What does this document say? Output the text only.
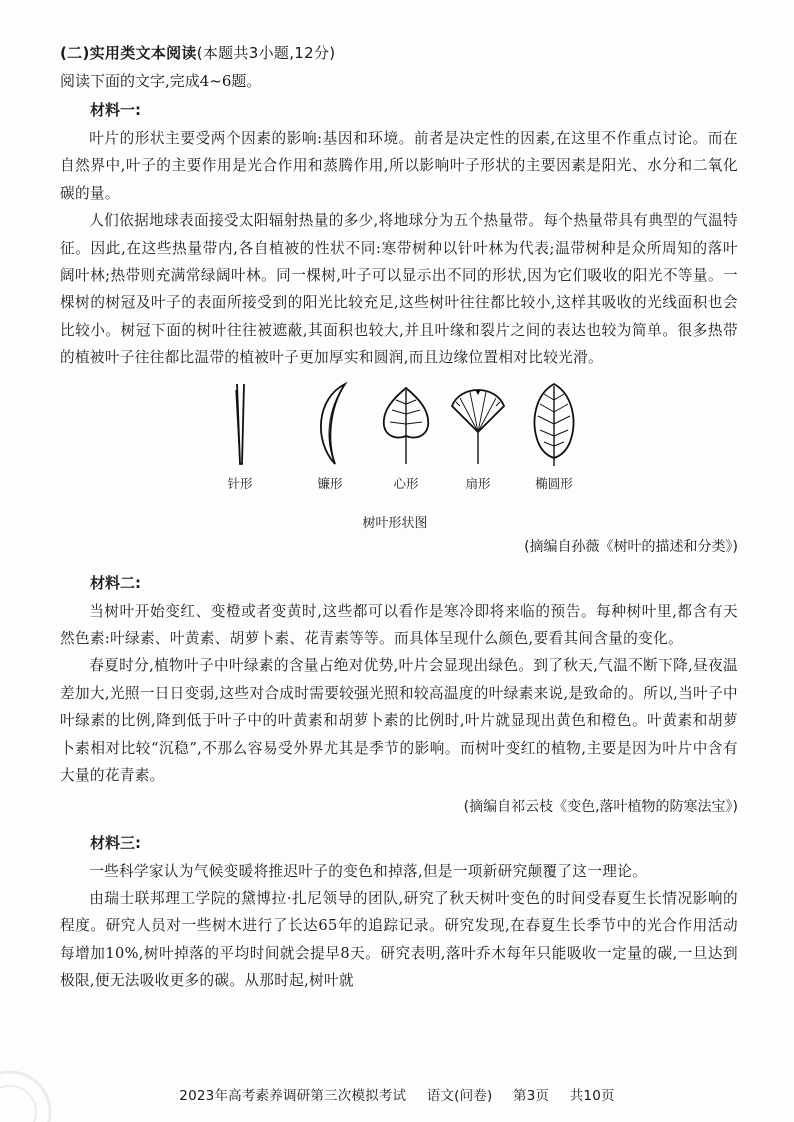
(二)实用类文本阅读(本题共3小题,12分)

阅读下面的文字,完成4~6题。

材料一:

叶片的形状主要受两个因素的影响:基因和环境。前者是决定性的因素,在这里不作重点讨论。而在自然界中,叶子的主要作用是光合作用和蒸腾作用,所以影响叶子形状的主要因素是阳光、水分和二氧化碳的量。

人们依据地球表面接受太阳辐射热量的多少,将地球分为五个热量带。每个热量带具有典型的气温特征。因此,在这些热量带内,各自植被的性状不同:寒带树种以针叶林为代表;温带树种是众所周知的落叶阔叶林;热带则充满常绿阔叶林。同一棵树,叶子可以显示出不同的形状,因为它们吸收的阳光不等量。一棵树的树冠及叶子的表面所接受到的阳光比较充足,这些树叶往往都比较小,这样其吸收的光线面积也会比较小。树冠下面的树叶往往被遮蔽,其面积也较大,并且叶缘和裂片之间的表达也较为简单。很多热带的植被叶子往往都比温带的植被叶子更加厚实和圆润,而且边缘位置相对比较光滑。

针形	镰形	心形	扇形	椭圆形
树叶形状图

(摘编自孙薇《树叶的描述和分类》)

材料二:

当树叶开始变红、变橙或者变黄时,这些都可以看作是寒冷即将来临的预告。每种树叶里,都含有天然色素:叶绿素、叶黄素、胡萝卜素、花青素等等。而具体呈现什么颜色,要看其间含量的变化。

春夏时分,植物叶子中叶绿素的含量占绝对优势,叶片会显现出绿色。到了秋天,气温不断下降,昼夜温差加大,光照一日日变弱,这些对合成时需要较强光照和较高温度的叶绿素来说,是致命的。所以,当叶子中叶绿素的比例,降到低于叶子中的叶黄素和胡萝卜素的比例时,叶片就显现出黄色和橙色。叶黄素和胡萝卜素相对比较“沉稳”,不那么容易受外界尤其是季节的影响。而树叶变红的植物,主要是因为叶片中含有大量的花青素。

(摘编自祁云枝《变色,落叶植物的防寒法宝》)

材料三:

一些科学家认为气候变暖将推迟叶子的变色和掉落,但是一项新研究颠覆了这一理论。

由瑞士联邦理工学院的黛博拉·扎尼领导的团队,研究了秋天树叶变色的时间受春夏生长情况影响的程度。研究人员对一些树木进行了长达65年的追踪记录。研究发现,在春夏生长季节中的光合作用活动每增加10%,树叶掉落的平均时间就会提早8天。研究表明,落叶乔木每年只能吸收一定量的碳,一旦达到极限,便无法吸收更多的碳。从那时起,树叶就

2023年高考素养调研第三次模拟考试 语文(问卷) 第3页 共10页
